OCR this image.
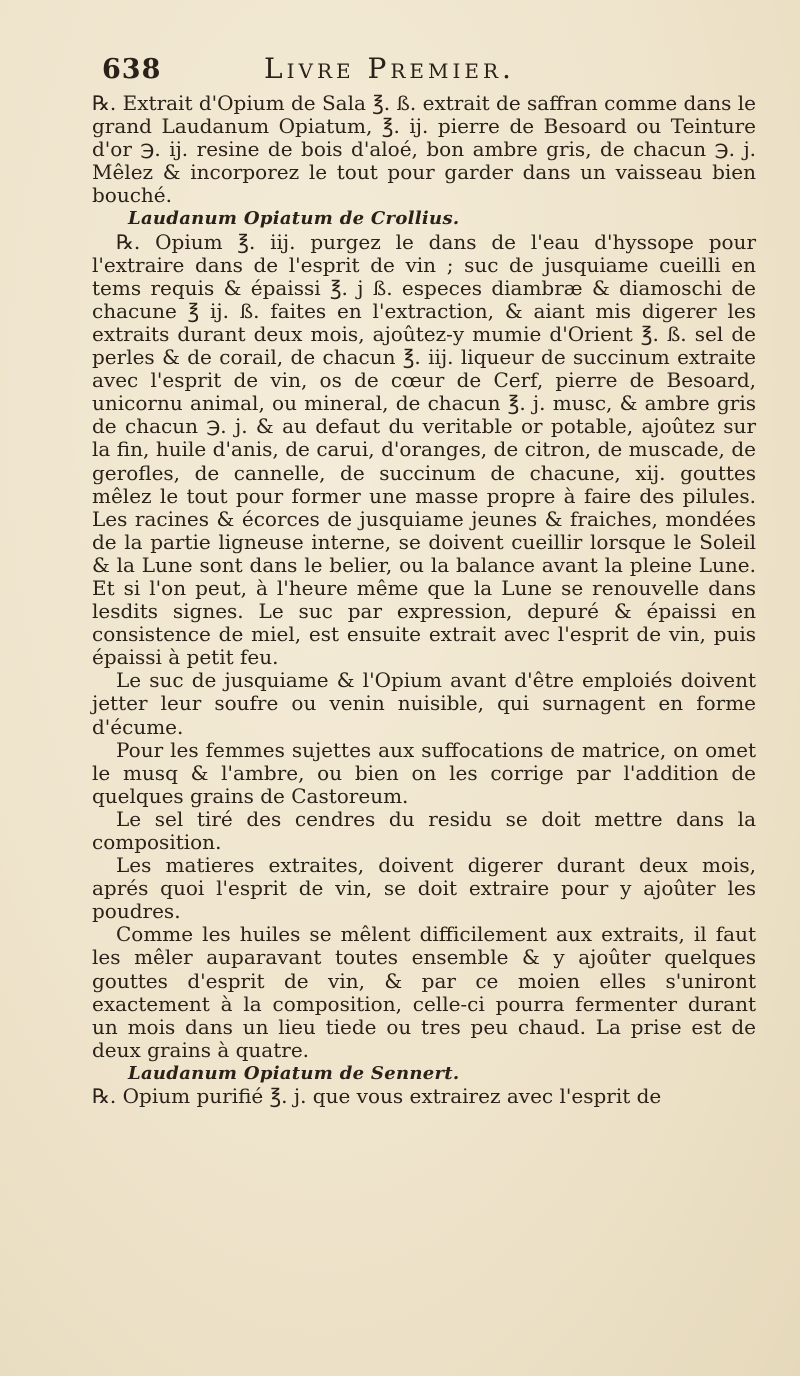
638	Livre Premier.

℞. Extrait d'Opium de Sala ℥. ß. extrait de saffran comme dans le grand Laudanum Opiatum, ℥. ij. pierre de Besoard ou Teinture d'or ℈. ij. resine de bois d'aloé, bon ambre gris, de chacun ℈. j. Mêlez & incorporez le tout pour garder dans un vaisseau bien bouché.

Laudanum Opiatum de Crollius.

℞. Opium ℥. iij. purgez le dans de l'eau d'hyssope pour l'extraire dans de l'esprit de vin ; suc de jusquiame cueilli en tems requis & épaissi ℥. j ß. especes diambræ & diamoschi de chacune ℥ ij. ß. faites en l'extraction, & aiant mis digerer les extraits durant deux mois, ajoûtez-y mumie d'Orient ℥. ß. sel de perles & de corail, de chacun ℥. iij. liqueur de succinum extraite avec l'esprit de vin, os de cœur de Cerf, pierre de Besoard, unicornu animal, ou mineral, de chacun ℥. j. musc, & ambre gris de chacun ℈. j. & au defaut du veritable or potable, ajoûtez sur la fin, huile d'anis, de carui, d'oranges, de citron, de muscade, de gerofles, de cannelle, de succinum de chacune, xij. gouttes mêlez le tout pour former une masse propre à faire des pilules. Les racines & écorces de jusquiame jeunes & fraiches, mondées de la partie ligneuse interne, se doivent cueillir lorsque le Soleil & la Lune sont dans le belier, ou la balance avant la pleine Lune. Et si l'on peut, à l'heure même que la Lune se renouvelle dans lesdits signes. Le suc par expression, depuré & épaissi en consistence de miel, est ensuite extrait avec l'esprit de vin, puis épaissi à petit feu.

Le suc de jusquiame & l'Opium avant d'être emploiés doivent jetter leur soufre ou venin nuisible, qui surnagent en forme d'écume.

Pour les femmes sujettes aux suffocations de matrice, on omet le musq & l'ambre, ou bien on les corrige par l'addition de quelques grains de Castoreum.

Le sel tiré des cendres du residu se doit mettre dans la composition.

Les matieres extraites, doivent digerer durant deux mois, aprés quoi l'esprit de vin, se doit extraire pour y ajoûter les poudres.

Comme les huiles se mêlent difficilement aux extraits, il faut les mêler auparavant toutes ensemble & y ajoûter quelques gouttes d'esprit de vin, & par ce moien elles s'uniront exactement à la composition, celle-ci pourra fermenter durant un mois dans un lieu tiede ou tres peu chaud. La prise est de deux grains à quatre.

Laudanum Opiatum de Sennert.

℞. Opium purifié ℥. j. que vous extrairez avec l'esprit de
